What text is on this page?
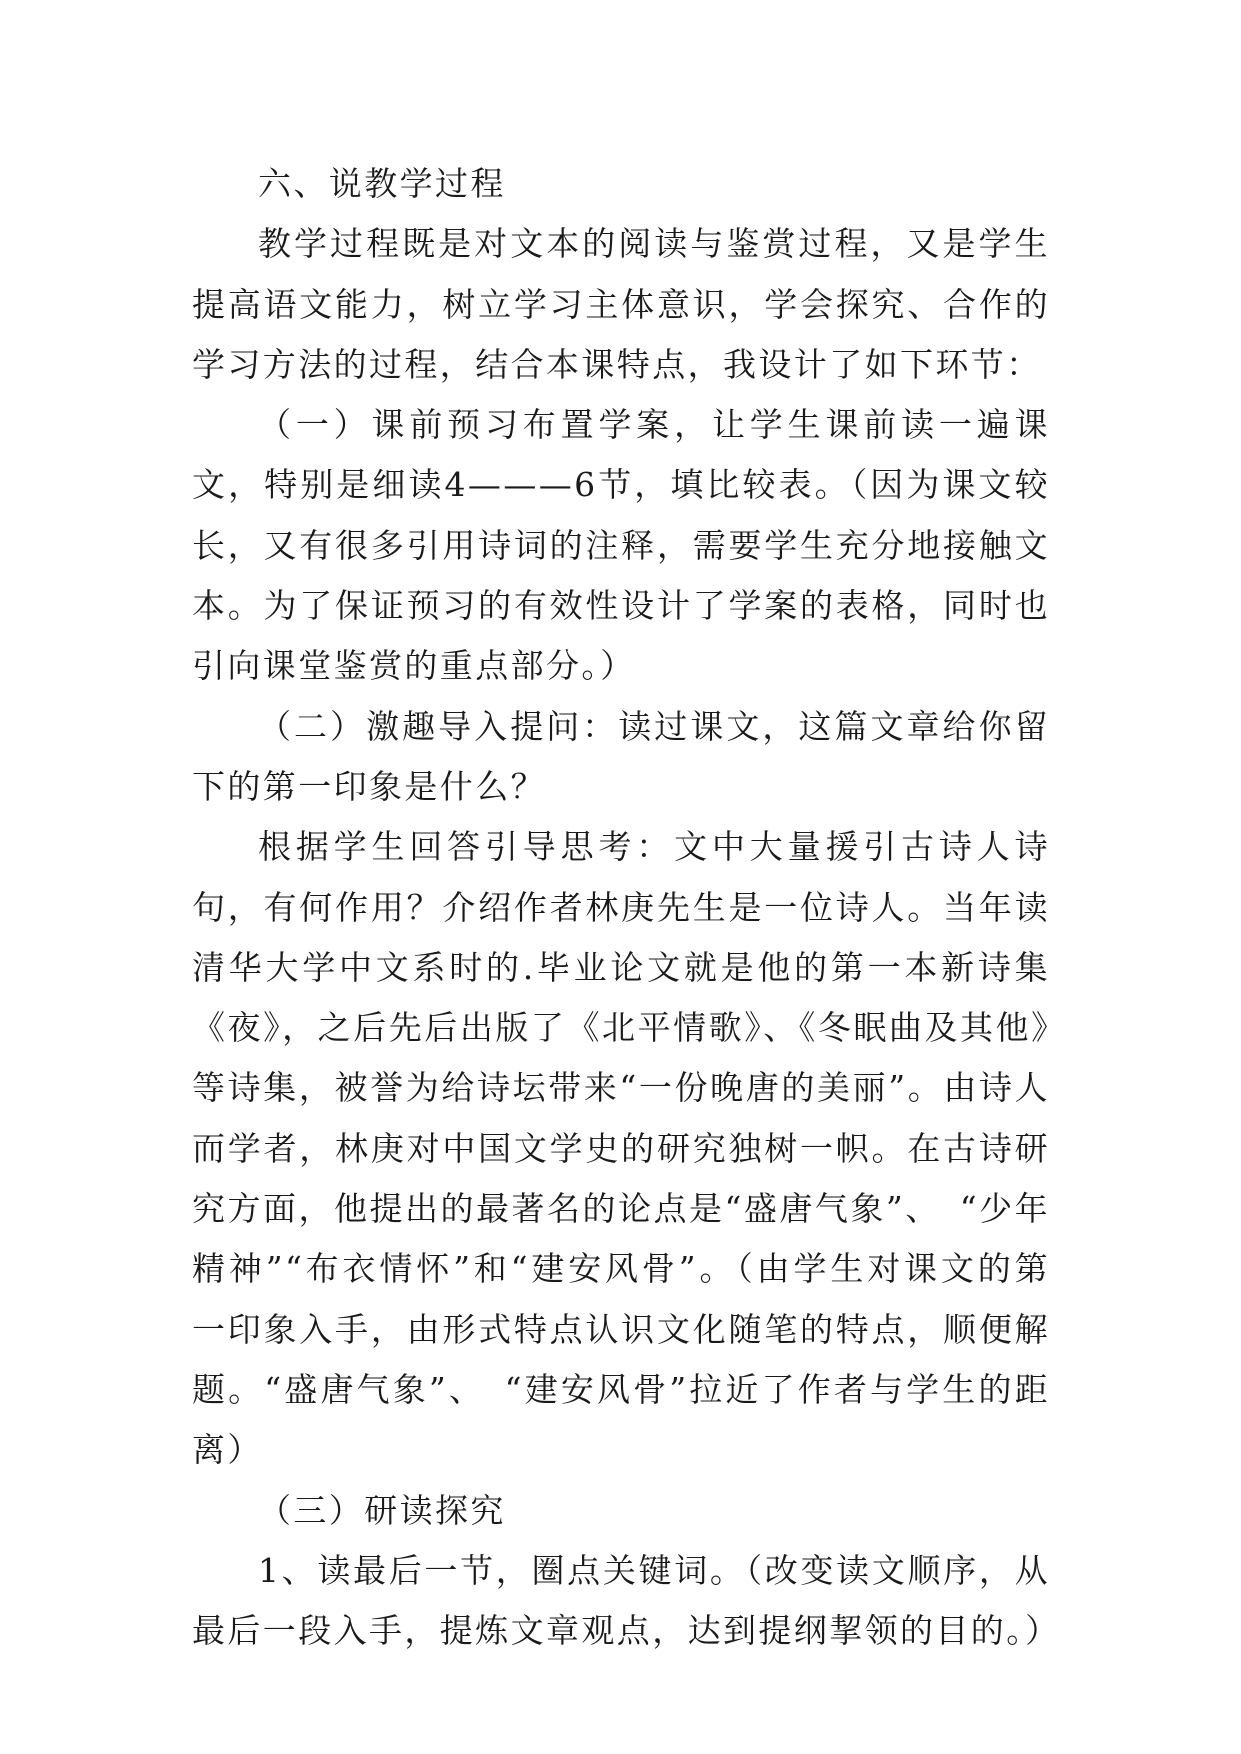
六、说教学过程

教学过程既是对文本的阅读与鉴赏过程，又是学生提高语文能力，树立学习主体意识，学会探究、合作的学习方法的过程，结合本课特点，我设计了如下环节：

（一）课前预习布置学案，让学生课前读一遍课文，特别是细读4———6节，填比较表。（因为课文较长，又有很多引用诗词的注释，需要学生充分地接触文本。为了保证预习的有效性设计了学案的表格，同时也引向课堂鉴赏的重点部分。）

（二）激趣导入提问：读过课文，这篇文章给你留下的第一印象是什么？

根据学生回答引导思考：文中大量援引古诗人诗句，有何作用？介绍作者林庚先生是一位诗人。当年读清华大学中文系时的.毕业论文就是他的第一本新诗集《夜》，之后先后出版了《北平情歌》、《冬眠曲及其他》等诗集，被誉为给诗坛带来“一份晚唐的美丽”。由诗人而学者，林庚对中国文学史的研究独树一帜。在古诗研究方面，他提出的最著名的论点是“盛唐气象”、　“少年精神”“布衣情怀”和“建安风骨”。（由学生对课文的第一印象入手，由形式特点认识文化随笔的特点，顺便解题。“盛唐气象”、　“建安风骨”拉近了作者与学生的距离）

（三）研读探究

1、读最后一节，圈点关键词。（改变读文顺序，从最后一段入手，提炼文章观点，达到提纲挈领的目的。）
